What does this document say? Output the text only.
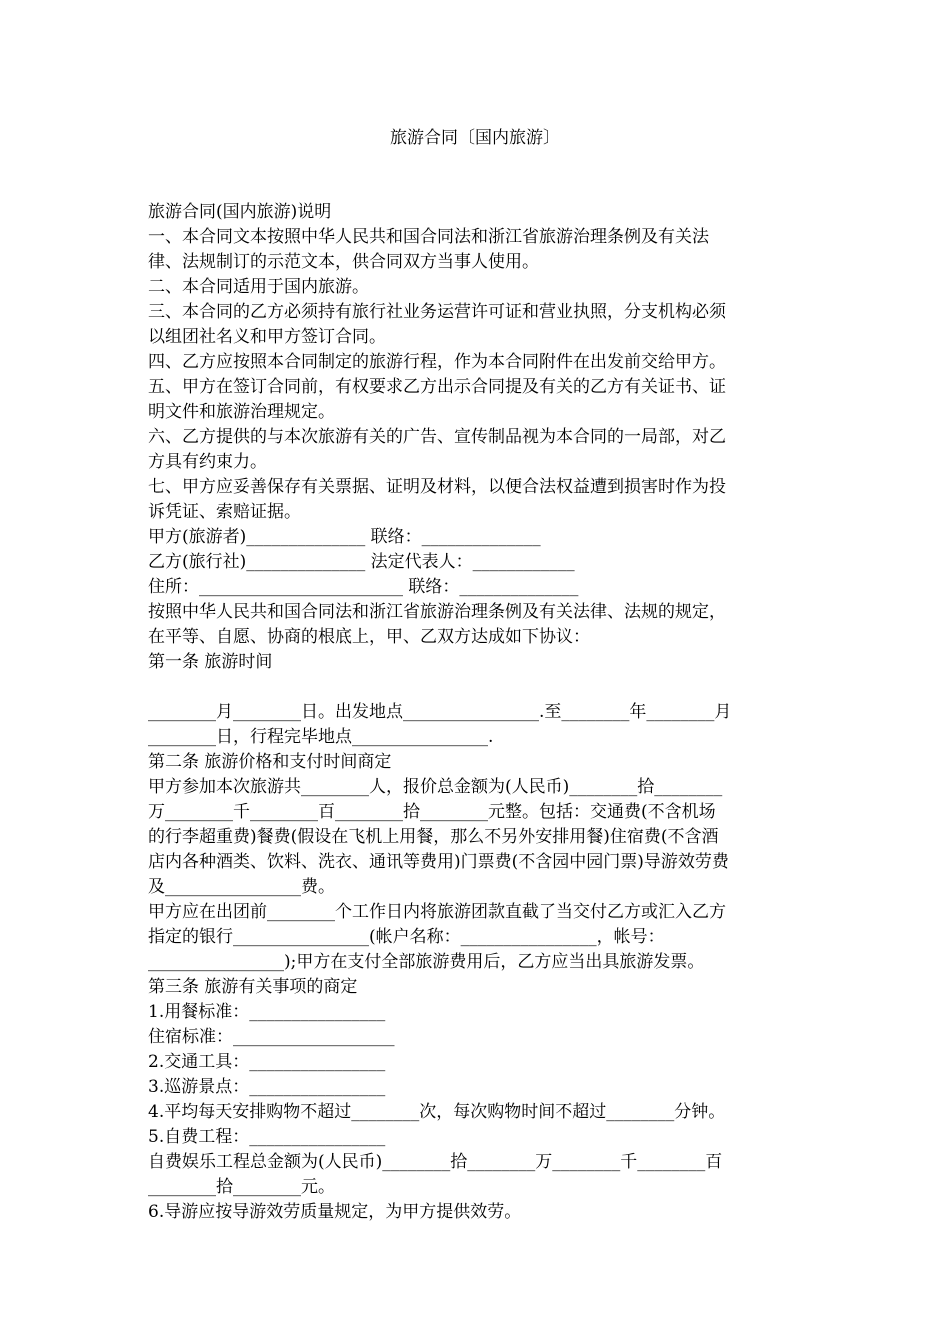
旅游合同〔国内旅游〕
旅游合同(国内旅游)说明
一、本合同文本按照中华人民共和国合同法和浙江省旅游治理条例及有关法
律、法规制订的示范文本，供合同双方当事人使用。
二、本合同适用于国内旅游。
三、本合同的乙方必须持有旅行社业务运营许可证和营业执照，分支机构必须
以组团社名义和甲方签订合同。
四、乙方应按照本合同制定的旅游行程，作为本合同附件在出发前交给甲方。
五、甲方在签订合同前，有权要求乙方出示合同提及有关的乙方有关证书、证
明文件和旅游治理规定。
六、乙方提供的与本次旅游有关的广告、宣传制品视为本合同的一局部，对乙
方具有约束力。
七、甲方应妥善保存有关票据、证明及材料，以便合法权益遭到损害时作为投
诉凭证、索赔证据。
甲方(旅游者)______________ 联络：______________
乙方(旅行社)______________ 法定代表人：____________
住所：________________________ 联络：______________
按照中华人民共和国合同法和浙江省旅游治理条例及有关法律、法规的规定，
在平等、自愿、协商的根底上，甲、乙双方达成如下协议：
第一条 旅游时间
________月________日。出发地点________________.至________年________月
________日，行程完毕地点________________.
第二条 旅游价格和支付时间商定
甲方参加本次旅游共________人，报价总金额为(人民币)________拾________
万________千________百________拾________元整。包括：交通费(不含机场
的行李超重费)餐费(假设在飞机上用餐，那么不另外安排用餐)住宿费(不含酒
店内各种酒类、饮料、洗衣、通讯等费用)门票费(不含园中园门票)导游效劳费
及________________费。
甲方应在出团前________个工作日内将旅游团款直截了当交付乙方或汇入乙方
指定的银行________________(帐户名称：________________，帐号：
________________);甲方在支付全部旅游费用后，乙方应当出具旅游发票。
第三条 旅游有关事项的商定
1.用餐标准：________________
住宿标准：___________________
2.交通工具：________________
3.巡游景点：________________
4.平均每天安排购物不超过________次，每次购物时间不超过________分钟。
5.自费工程：________________
自费娱乐工程总金额为(人民币)________拾________万________千________百
________拾________元。
6.导游应按导游效劳质量规定，为甲方提供效劳。
